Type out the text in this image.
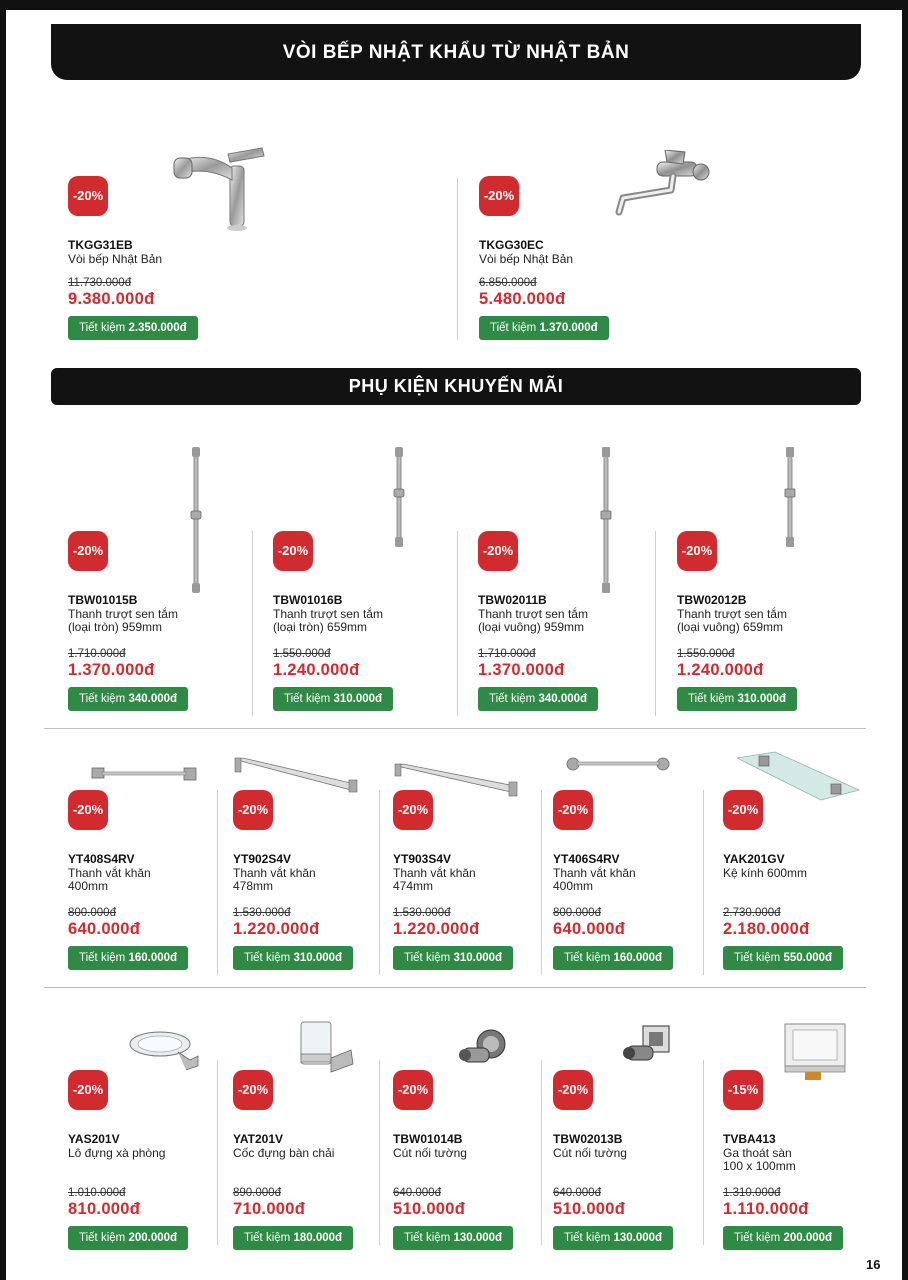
VÒI BẾP NHẬT KHẨU TỪ NHẬT BẢN
PHỤ KIỆN KHUYẾN MÃI
-20%
TKGG31EB
Vòi bếp Nhật Bản
11.730.000đ
9.380.000đ
Tiết kiệm 2.350.000đ
-20%
TKGG30EC
Vòi bếp Nhật Bản
6.850.000đ
5.480.000đ
Tiết kiệm 1.370.000đ
-20%
TBW01015B
Thanh trượt sen tắm
(loại tròn) 959mm
1.710.000đ
1.370.000đ
Tiết kiệm 340.000đ
-20%
TBW01016B
Thanh trượt sen tắm
(loại tròn) 659mm
1.550.000đ
1.240.000đ
Tiết kiệm 310.000đ
-20%
TBW02011B
Thanh trượt sen tắm
(loại vuông) 959mm
1.710.000đ
1.370.000đ
Tiết kiệm 340.000đ
-20%
TBW02012B
Thanh trượt sen tắm
(loại vuông) 659mm
1.550.000đ
1.240.000đ
Tiết kiệm 310.000đ
-20%
YT408S4RV
Thanh vắt khăn
400mm
800.000đ
640.000đ
Tiết kiệm 160.000đ
-20%
YT902S4V
Thanh vắt khăn
478mm
1.530.000đ
1.220.000đ
Tiết kiệm 310.000đ
-20%
YT903S4V
Thanh vắt khăn
474mm
1.530.000đ
1.220.000đ
Tiết kiệm 310.000đ
-20%
YT406S4RV
Thanh vắt khăn
400mm
800.000đ
640.000đ
Tiết kiệm 160.000đ
-20%
YAK201GV
Kệ kính 600mm
2.730.000đ
2.180.000đ
Tiết kiệm 550.000đ
-20%
YAS201V
Lô đựng xà phòng
1.010.000đ
810.000đ
Tiết kiệm 200.000đ
-20%
YAT201V
Cốc đựng bàn chải
890.000đ
710.000đ
Tiết kiệm 180.000đ
-20%
TBW01014B
Cút nối tường
640.000đ
510.000đ
Tiết kiệm 130.000đ
-20%
TBW02013B
Cút nối tường
640.000đ
510.000đ
Tiết kiệm 130.000đ
-15%
TVBA413
Ga thoát sàn
100 x 100mm
1.310.000đ
1.110.000đ
Tiết kiệm 200.000đ
16
